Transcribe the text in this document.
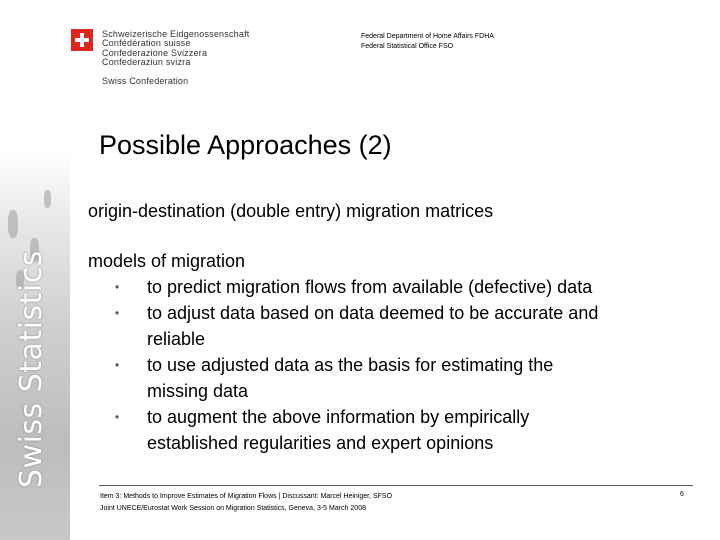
Swiss Statistics
Schweizerische Eidgenossenschaft
Confédération suisse
Confederazione Svizzera
Confederaziun svizra
Swiss Confederation
Federal Department of Home Affairs FDHA
Federal Statistical Office FSO
Possible Approaches (2)

origin-destination (double entry) migration matrices

models of migration

• to predict migration flows from available (defective) data
• to adjust data based on data deemed to be accurate and
reliable
• to use adjusted data as the basis for estimating the
missing data
• to augment the above information by empirically
established regularities and expert opinions
Item 3: Methods to Improve Estimates of Migration Flows | Discussant: Marcel Heiniger, SFSO
Joint UNECE/Eurostat Work Session on Migration Statistics, Geneva, 3-5 March 2008
6
